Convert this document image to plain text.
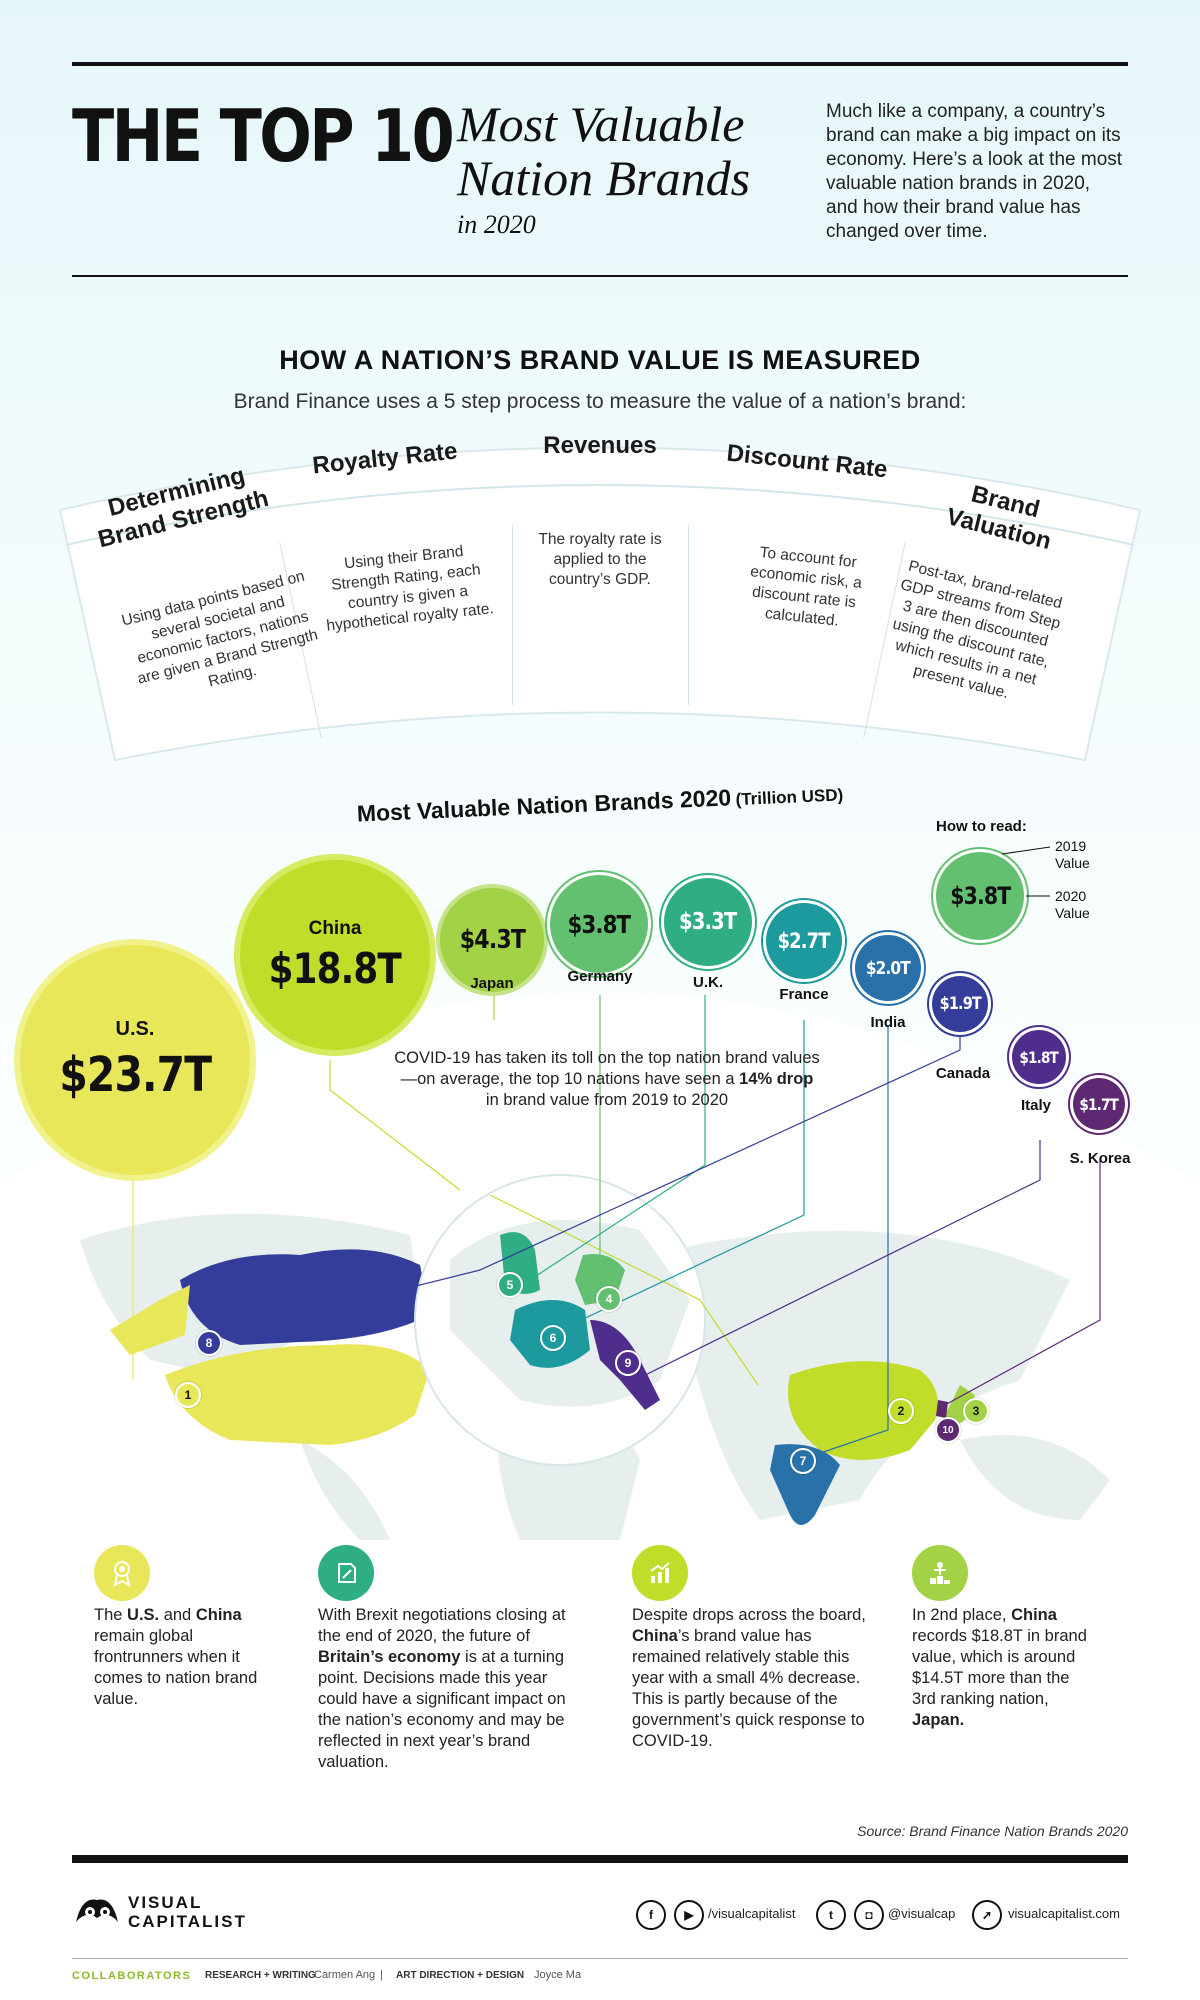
THE TOP 10 Most Valuable
Nation Brands
in 2020
Much like a company, a country’s brand can make a big impact on its economy. Here’s a look at the most valuable nation brands in 2020, and how their brand value has changed over time.
HOW A NATION’S BRAND VALUE IS MEASURED
Brand Finance uses a 5 step process to measure the value of a nation’s brand:
Determining Brand Strength
Using data points based on several societal and economic factors, nations are given a Brand Strength Rating.
Royalty Rate
Using their Brand Strength Rating, each country is given a hypothetical royalty rate.
Revenues
The royalty rate is applied to the country’s GDP.
Discount Rate
To account for economic risk, a discount rate is calculated.
Brand Valuation
Post-tax, brand-related GDP streams from Step 3 are then discounted using the discount rate, which results in a net present value.
Most Valuable Nation Brands 2020 (Trillion USD)
U.S.
$23.7T
China
$18.8T
$4.3T
Japan
$3.8T
Germany
$3.3T
U.K.
$2.7T
France
$2.0T
India
$1.9T
Canada
$1.8T
Italy	$1.7T
S. Korea
How to read:
$3.8T
2019 Value
2020 Value
COVID-19 has taken its toll on the top nation brand values—on average, the top 10 nations have seen a 14% drop in brand value from 2019 to 2020
8
1
5
4
6
9
2	3
10
7
The U.S. and China remain global frontrunners when it comes to nation brand value.
With Brexit negotiations closing at the end of 2020, the future of Britain’s economy is at a turning point. Decisions made this year could have a significant impact on the nation’s economy and may be reflected in next year’s brand valuation.
Despite drops across the board, China’s brand value has remained relatively stable this year with a small 4% decrease. This is partly because of the government’s quick response to COVID-19.
In 2nd place, China records $18.8T in brand value, which is around $14.5T more than the 3rd ranking nation, Japan.
Source: Brand Finance Nation Brands 2020
VISUAL
CAPITALIST	f	▶	/visualcapitalist	t	◘	@visualcap	➚	visualcapitalist.com
COLLABORATORS RESEARCH + WRITING
Carmen Ang | ART DIRECTION + DESIGN Joyce Ma
